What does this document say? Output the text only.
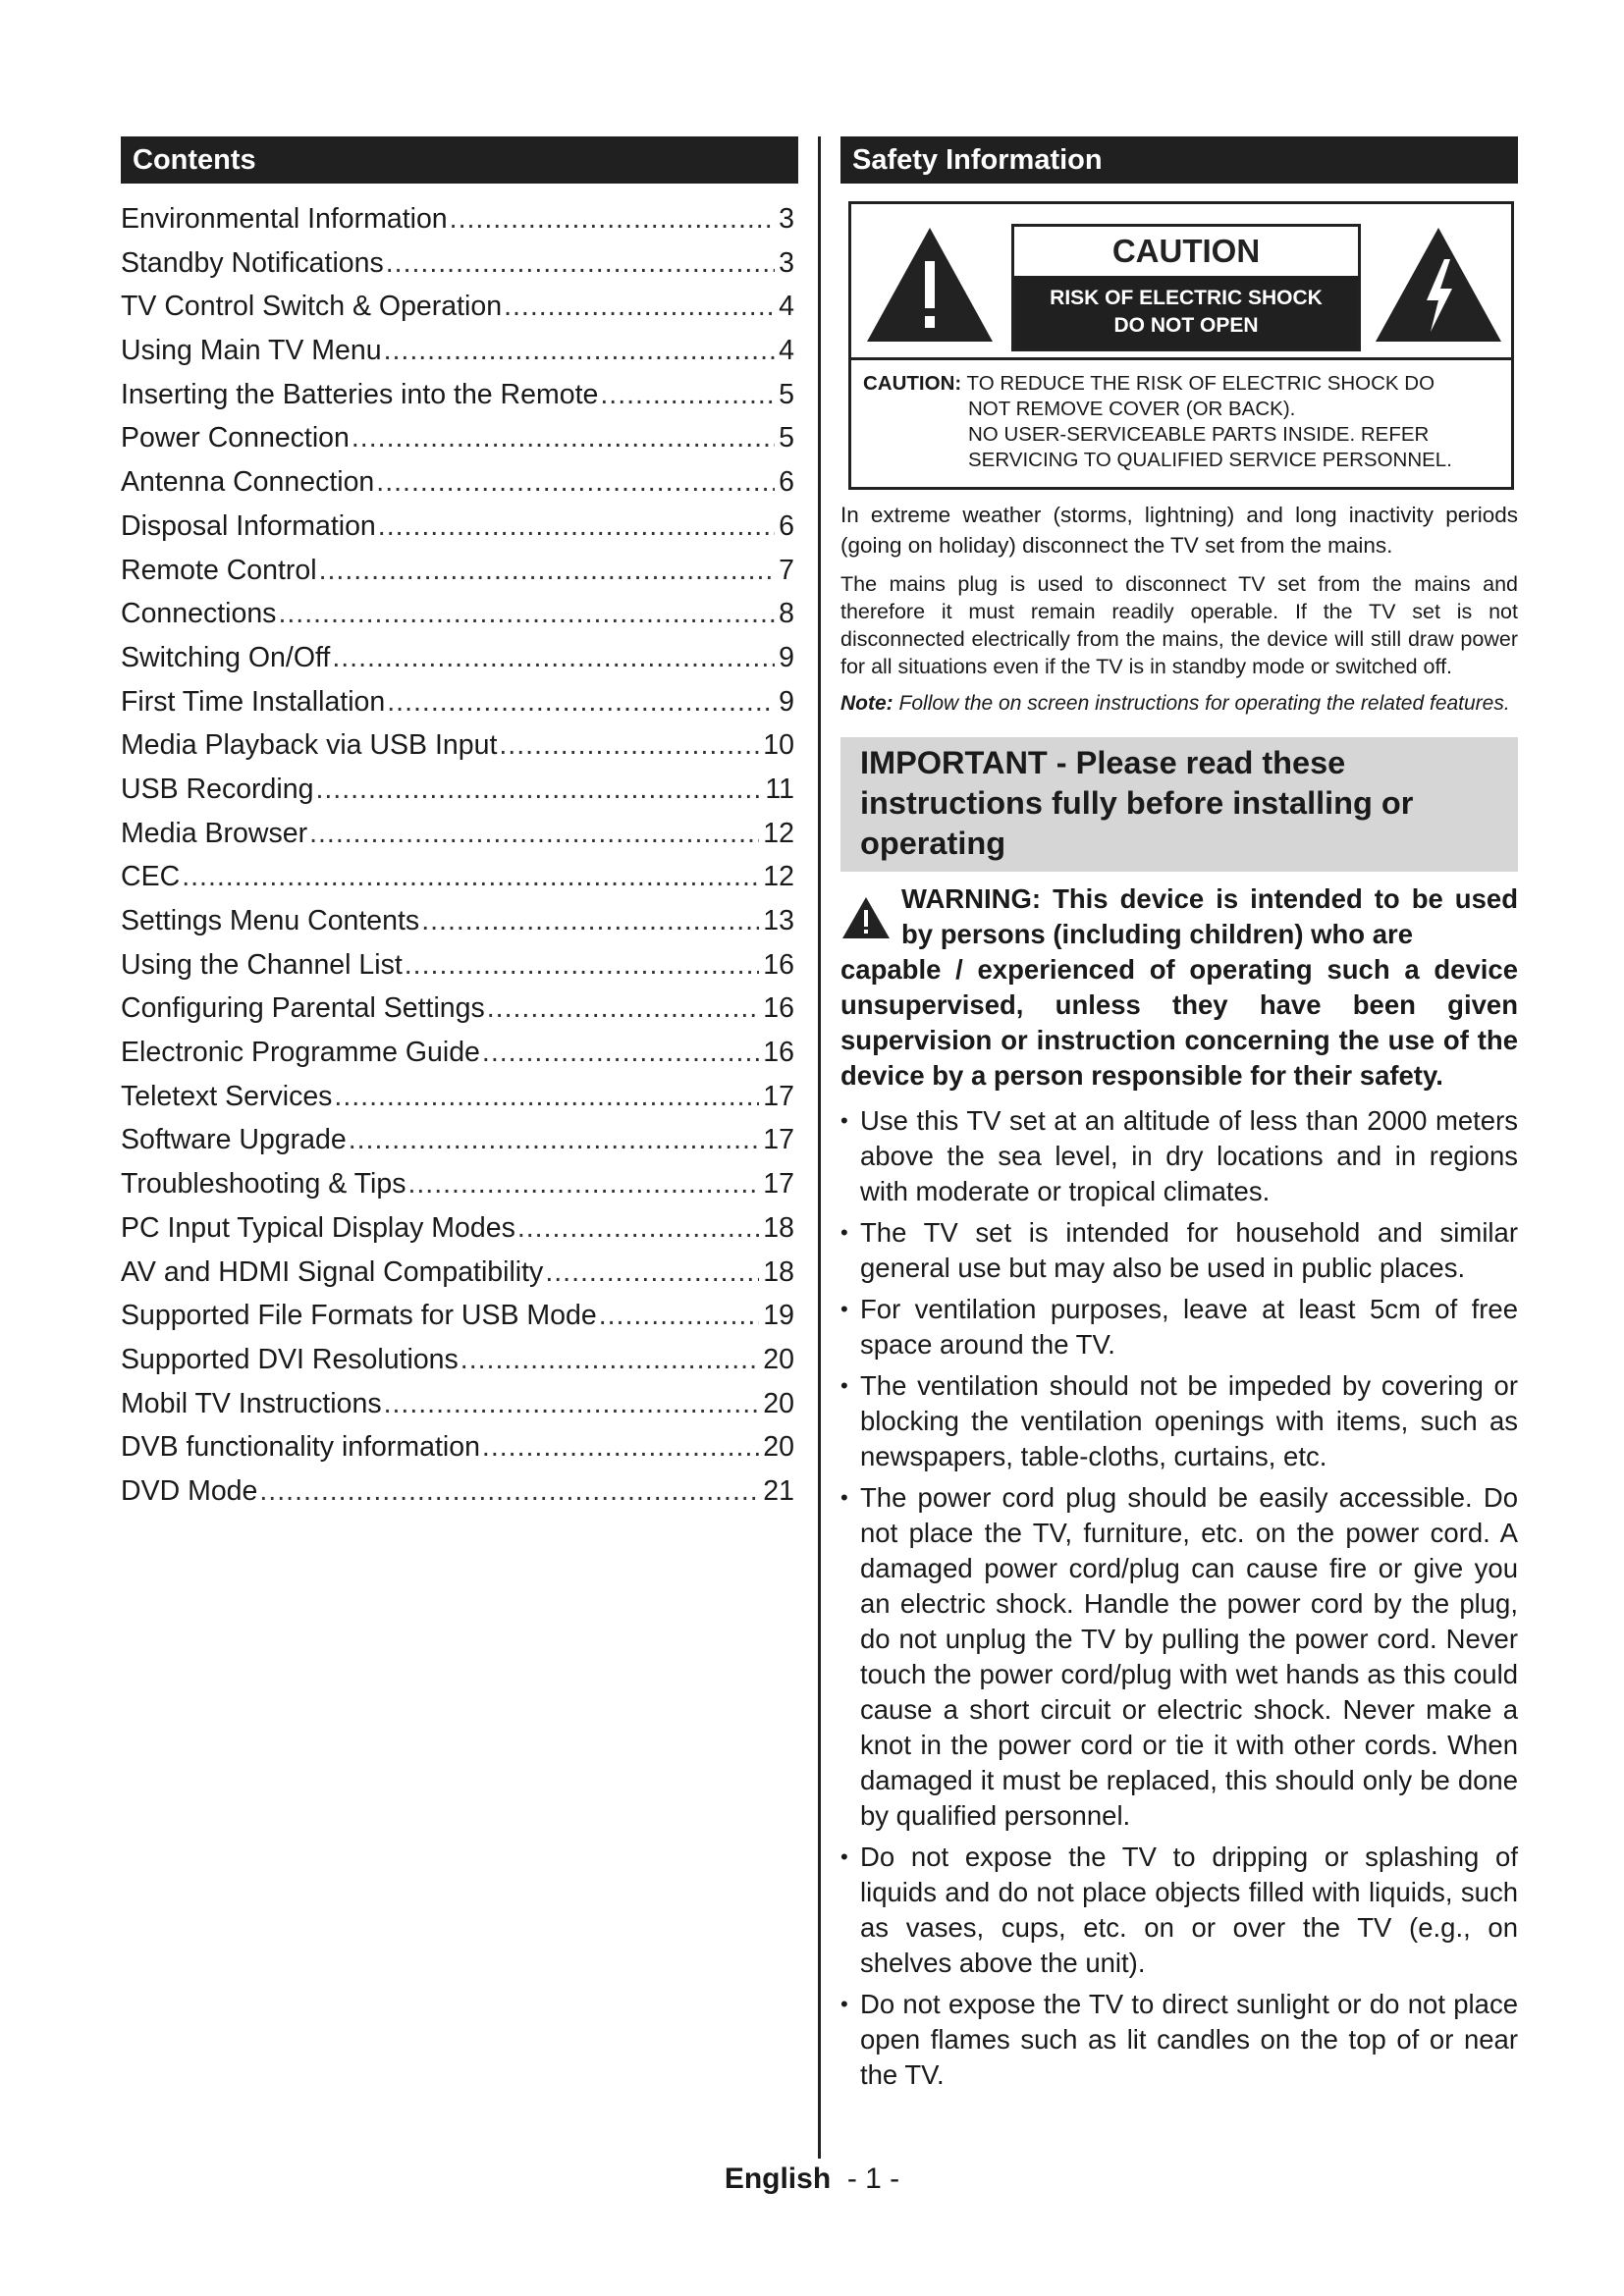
Contents
Environmental Information .....	3
Standby Notifications .....	3
TV Control Switch & Operation .....	4
Using Main TV Menu .....	4
Inserting the Batteries into the Remote .....	5
Power Connection .....	5
Antenna Connection .....	6
Disposal Information .....	6
Remote Control .....	7
Connections .....	8
Switching On/Off .....	9
First Time Installation .....	9
Media Playback via USB Input .....	10
USB Recording .....	11
Media Browser .....	12
CEC .....	12
Settings Menu Contents .....	13
Using the Channel List .....	16
Configuring Parental Settings .....	16
Electronic Programme Guide .....	16
Teletext Services .....	17
Software Upgrade .....	17
Troubleshooting & Tips .....	17
PC Input Typical Display Modes .....	18
AV and HDMI Signal Compatibility .....	18
Supported File Formats for USB Mode .....	19
Supported DVI Resolutions .....	20
Mobil TV Instructions .....	20
DVB functionality information .....	20
DVD Mode .....	21
Safety Information
CAUTION
RISK OF ELECTRIC SHOCK
DO NOT OPEN
CAUTION: TO REDUCE THE RISK OF ELECTRIC SHOCK DO
NOT REMOVE COVER (OR BACK).
NO USER-SERVICEABLE PARTS INSIDE. REFER
SERVICING TO QUALIFIED SERVICE PERSONNEL.
In extreme weather (storms, lightning) and long inactivity periods (going on holiday) disconnect the TV set from the mains.
The mains plug is used to disconnect TV set from the mains and therefore it must remain readily operable. If the TV set is not disconnected electrically from the mains, the device will still draw power for all situations even if the TV is in standby mode or switched off.
Note: Follow the on screen instructions for operating the related features.
IMPORTANT - Please read these instructions fully before installing or operating
WARNING: This device is intended to be used by persons (including children) who are
capable / experienced of operating such a device unsupervised, unless they have been given supervision or instruction concerning the use of the device by a person responsible for their safety.
• Use this TV set at an altitude of less than 2000 meters above the sea level, in dry locations and in regions with moderate or tropical climates.
• The TV set is intended for household and similar general use but may also be used in public places.
• For ventilation purposes, leave at least 5cm of free space around the TV.
• The ventilation should not be impeded by covering or blocking the ventilation openings with items, such as newspapers, table-cloths, curtains, etc.
• The power cord plug should be easily accessible. Do not place the TV, furniture, etc. on the power cord. A damaged power cord/plug can cause fire or give you an electric shock. Handle the power cord by the plug, do not unplug the TV by pulling the power cord. Never touch the power cord/plug with wet hands as this could cause a short circuit or electric shock. Never make a knot in the power cord or tie it with other cords. When damaged it must be replaced, this should only be done by qualified personnel.
• Do not expose the TV to dripping or splashing of liquids and do not place objects filled with liquids, such as vases, cups, etc. on or over the TV (e.g., on shelves above the unit).
• Do not expose the TV to direct sunlight or do not place open flames such as lit candles on the top of or near the TV.
English - 1 -
